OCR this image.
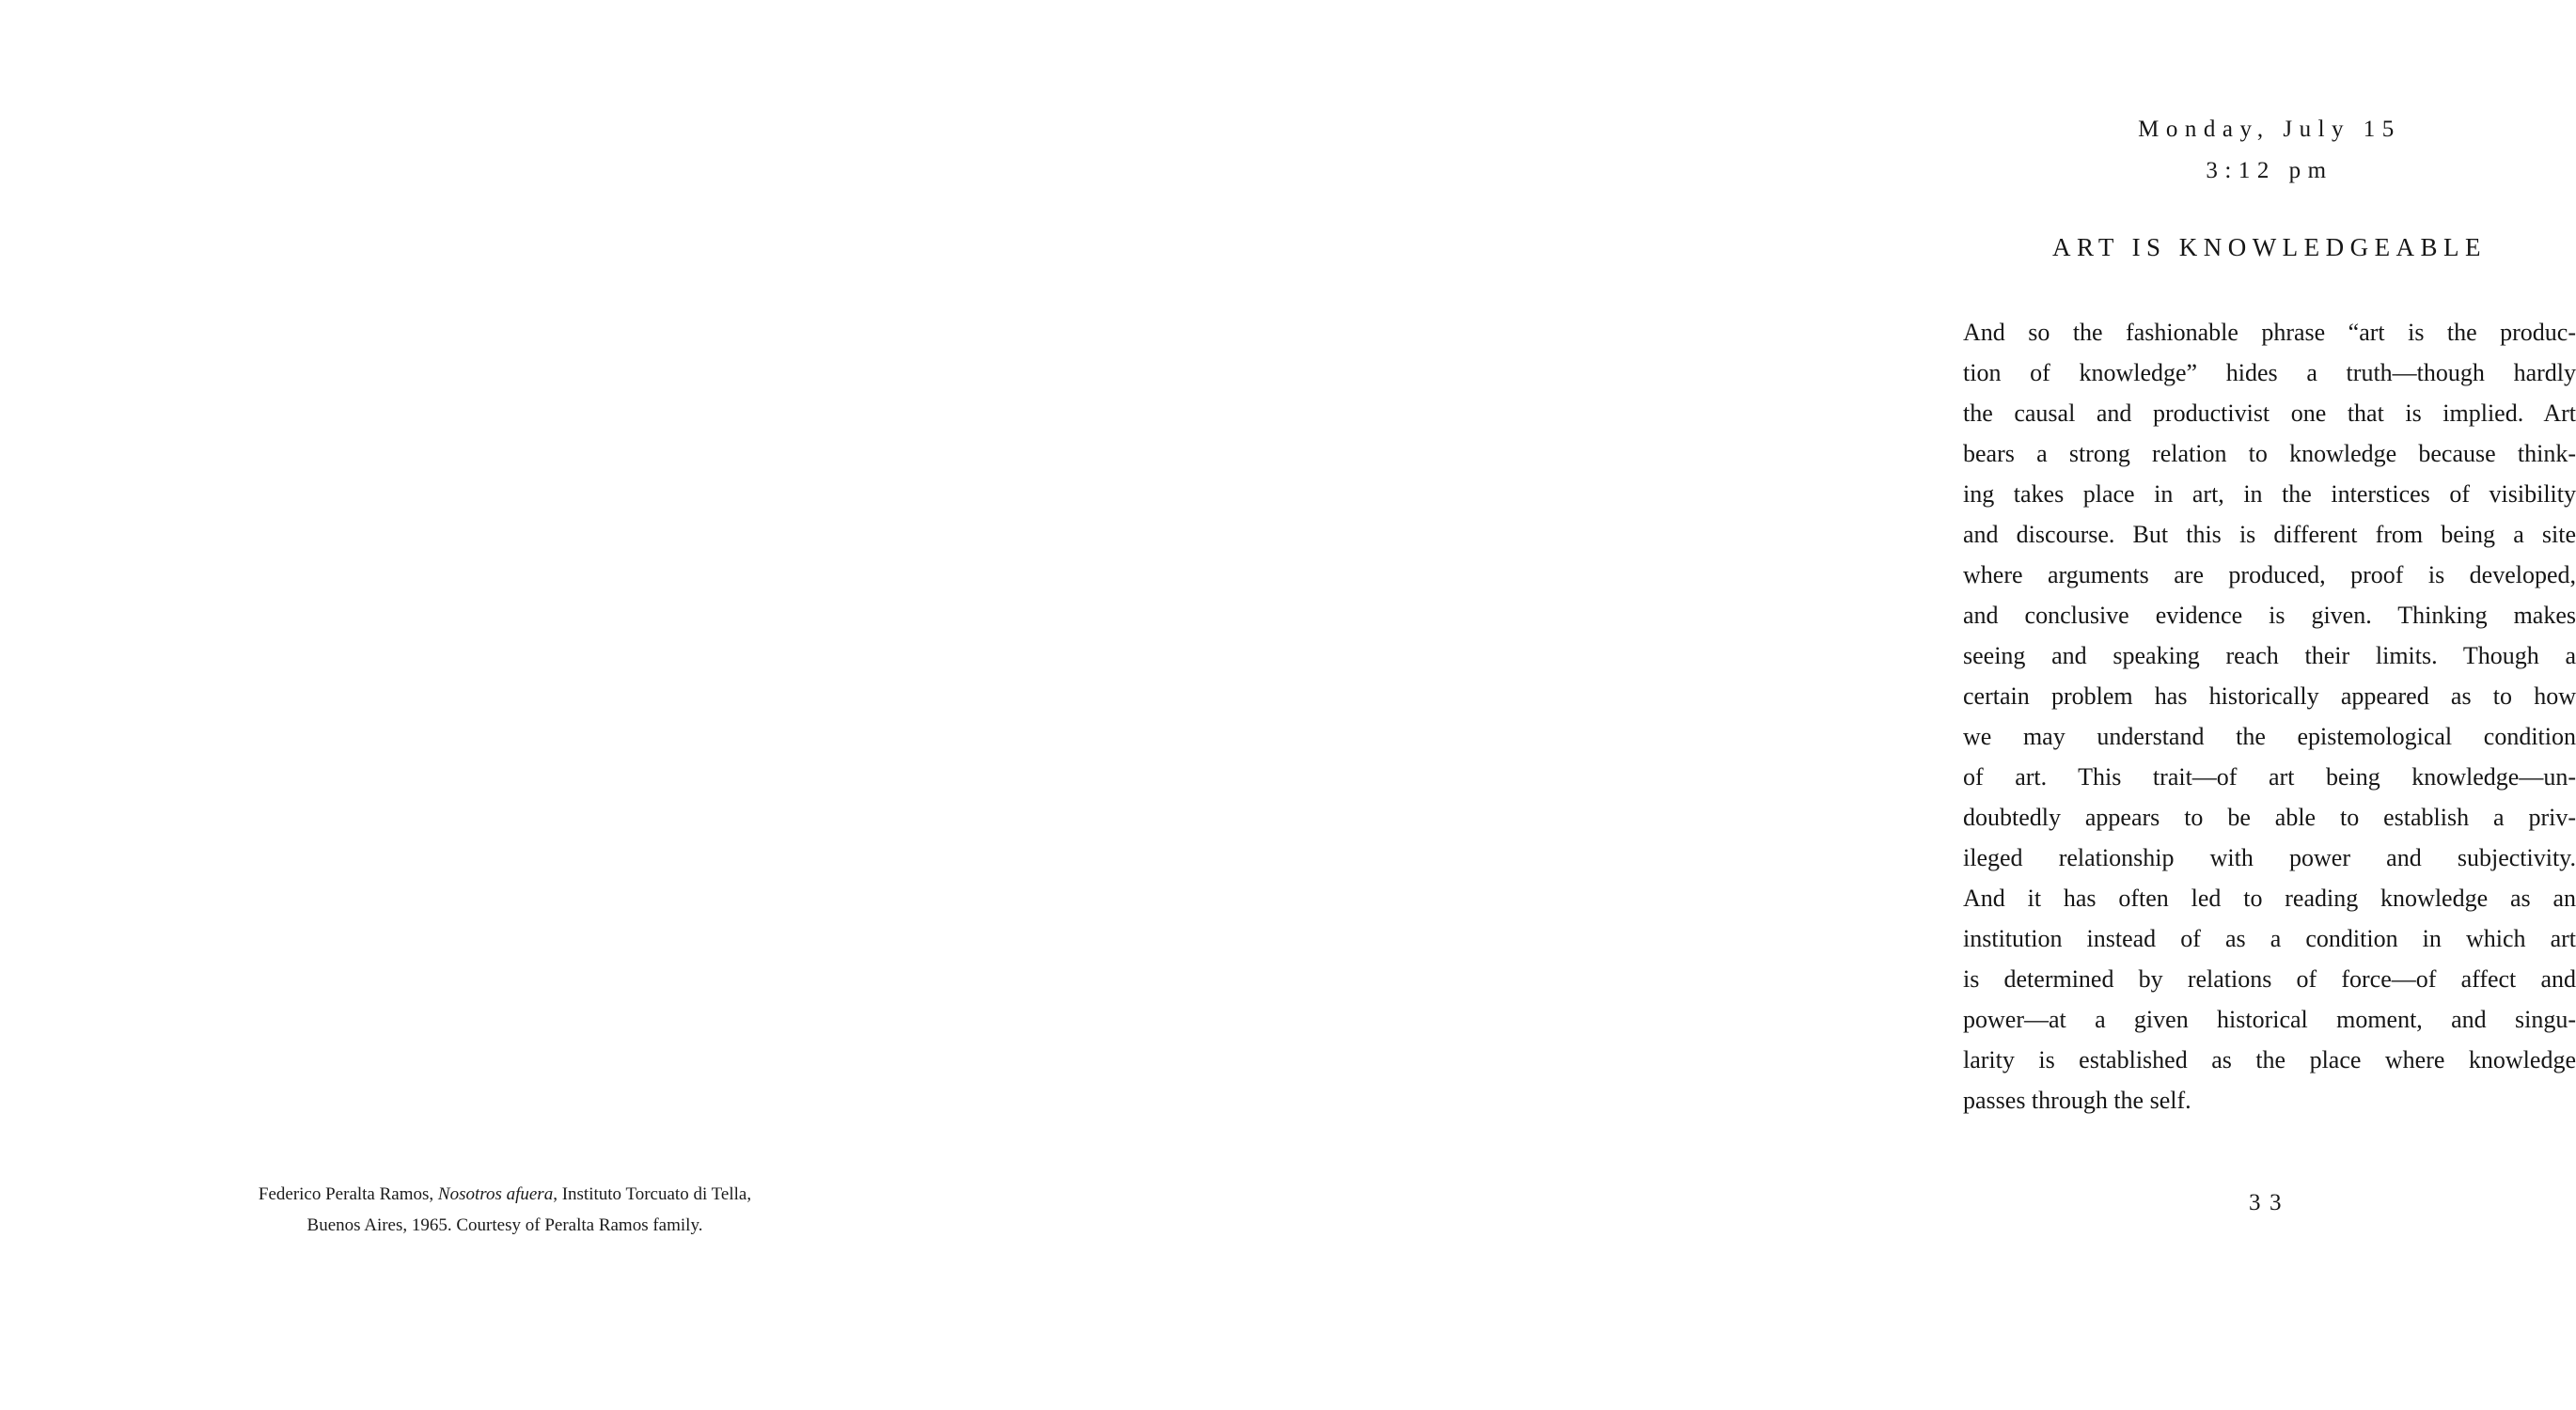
Federico Peralta Ramos, Nosotros afuera, Instituto Torcuato di Tella,
Buenos Aires, 1965. Courtesy of Peralta Ramos family.
Monday, July 15
3:12 pm
ART IS KNOWLEDGEABLE
And so the fashionable phrase “art is the produc-
tion of knowledge” hides a truth—though hardly
the causal and productivist one that is implied. Art
bears a strong relation to knowledge because think-
ing takes place in art, in the interstices of visibility
and discourse. But this is different from being a site
where arguments are produced, proof is developed,
and conclusive evidence is given. Thinking makes
seeing and speaking reach their limits. Though a
certain problem has historically appeared as to how
we may understand the epistemological condition
of art. This trait—of art being knowledge—un-
doubtedly appears to be able to establish a priv-
ileged relationship with power and subjectivity.
And it has often led to reading knowledge as an
institution instead of as a condition in which art
is determined by relations of force—of affect and
power—at a given historical moment, and singu-
larity is established as the place where knowledge
passes through the self.
33
